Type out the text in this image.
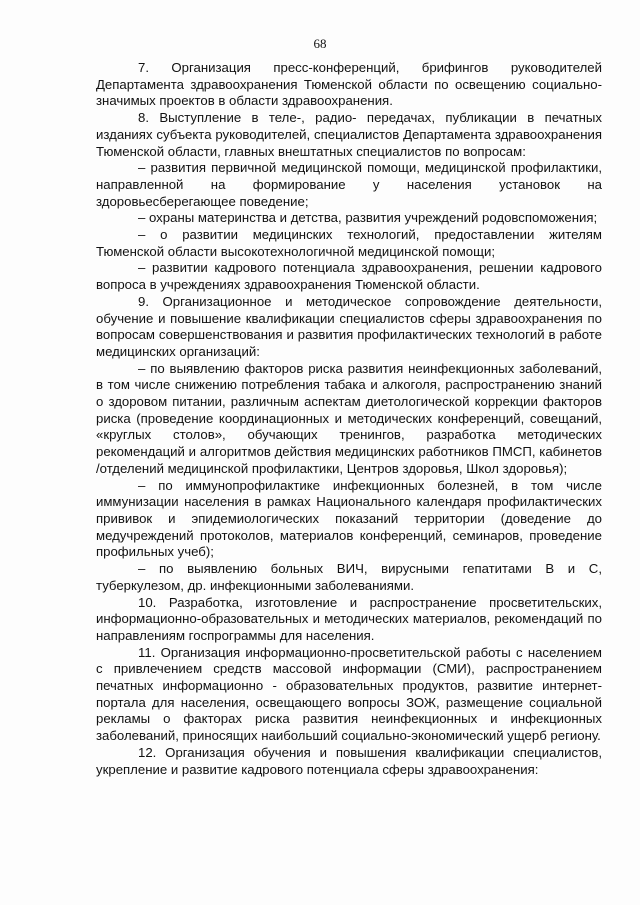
68

7. Организация пресс-конференций, брифингов руководителей Департамента здравоохранения Тюменской области по освещению социально-значимых проектов в области здравоохранения.

8. Выступление в теле-, радио- передачах, публикации в печатных изданиях субъекта руководителей, специалистов Департамента здравоохранения Тюменской области, главных внештатных специалистов по вопросам:

– развития первичной медицинской помощи, медицинской профилактики, направленной на формирование у населения установок на здоровьесберегающее поведение;

– охраны материнства и детства, развития учреждений родовспоможения;

– о развитии медицинских технологий, предоставлении жителям Тюменской области высокотехнологичной медицинской помощи;

– развитии кадрового потенциала здравоохранения, решении кадрового вопроса в учреждениях здравоохранения Тюменской области.

9. Организационное и методическое сопровождение деятельности, обучение и повышение квалификации специалистов сферы здравоохранения по вопросам совершенствования и развития профилактических технологий в работе медицинских организаций:

– по выявлению факторов риска развития неинфекционных заболеваний, в том числе снижению потребления табака и алкоголя, распространению знаний о здоровом питании, различным аспектам диетологической коррекции факторов риска (проведение координационных и методических конференций, совещаний, «круглых столов», обучающих тренингов, разработка методических рекомендаций и алгоритмов действия медицинских работников ПМСП, кабинетов /отделений медицинской профилактики, Центров здоровья, Школ здоровья);

– по иммунопрофилактике инфекционных болезней, в том числе иммунизации населения в рамках Национального календаря профилактических прививок и эпидемиологических показаний территории (доведение до медучреждений протоколов, материалов конференций, семинаров, проведение профильных учеб);

– по выявлению больных ВИЧ, вирусными гепатитами В и С, туберкулезом, др. инфекционными заболеваниями.

10. Разработка, изготовление и распространение просветительских, информационно-образовательных и методических материалов, рекомендаций по направлениям госпрограммы для населения.

11. Организация информационно-просветительской работы с населением с привлечением средств массовой информации (СМИ), распространением печатных информационно - образовательных продуктов, развитие интернет-портала для населения, освещающего вопросы ЗОЖ, размещение социальной рекламы о факторах риска развития неинфекционных и инфекционных заболеваний, приносящих наибольший социально-экономический ущерб региону.

12. Организация обучения и повышения квалификации специалистов, укрепление и развитие кадрового потенциала сферы здравоохранения:
